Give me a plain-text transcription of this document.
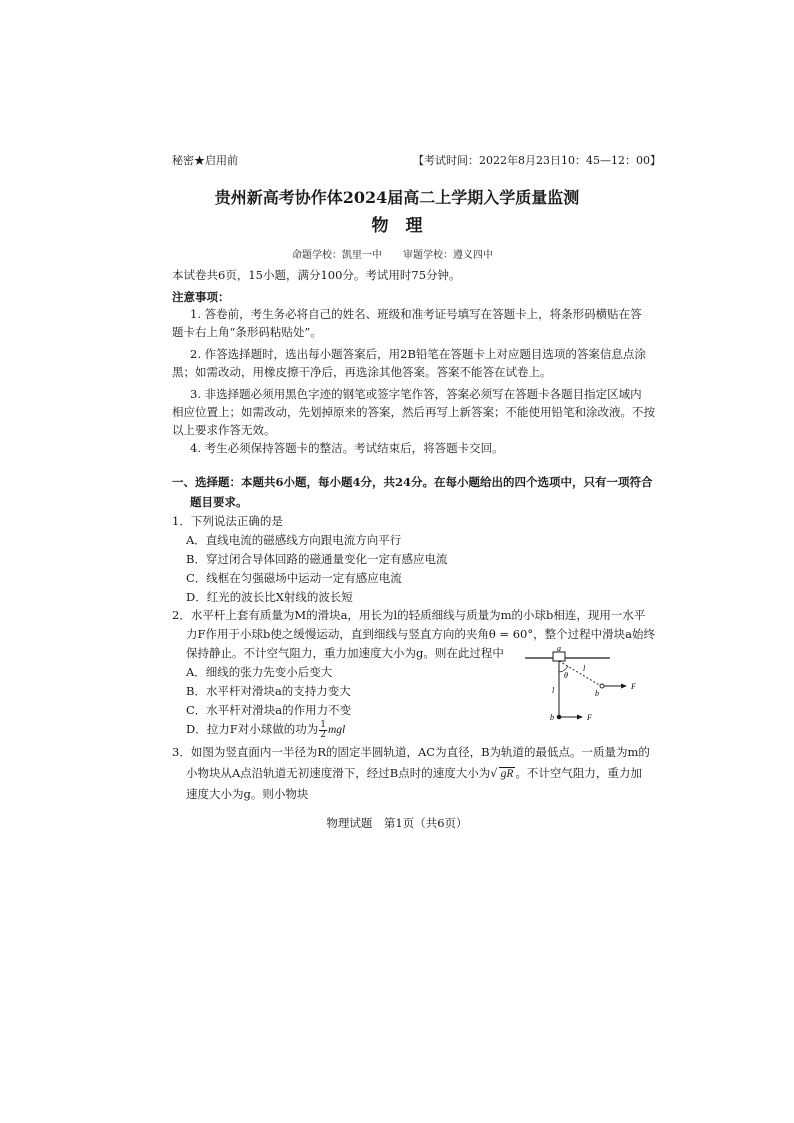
秘密★启用前	【考试时间：2022年8月23日10：45—12：00】
贵州新高考协作体2024届高二上学期入学质量监测
物　理
命题学校：凯里一中 审题学校：遵义四中
本试卷共6页，15小题，满分100分。考试用时75分钟。
注意事项：
1. 答卷前，考生务必将自己的姓名、班级和准考证号填写在答题卡上，将条形码横贴在答
题卡右上角“条形码粘贴处”。
2. 作答选择题时，选出每小题答案后，用2B铅笔在答题卡上对应题目选项的答案信息点涂
黑；如需改动，用橡皮擦干净后，再选涂其他答案。答案不能答在试卷上。
3. 非选择题必须用黑色字迹的钢笔或签字笔作答，答案必须写在答题卡各题目指定区域内
相应位置上；如需改动，先划掉原来的答案，然后再写上新答案；不能使用铅笔和涂改液。不按
以上要求作答无效。
4. 考生必须保持答题卡的整洁。考试结束后，将答题卡交回。
一、选择题：本题共6小题，每小题4分，共24分。在每小题给出的四个选项中，只有一项符合
题目要求。
1．下列说法正确的是
A．直线电流的磁感线方向跟电流方向平行
B．穿过闭合导体回路的磁通量变化一定有感应电流
C．线框在匀强磁场中运动一定有感应电流
D．红光的波长比X射线的波长短
2．水平杆上套有质量为M的滑块a，用长为l的轻质细线与质量为m的小球b相连，现用一水平
力F作用于小球b使之缓慢运动，直到细线与竖直方向的夹角θ = 60°，整个过程中滑块a始终
保持静止。不计空气阻力，重力加速度大小为g。则在此过程中
A．细线的张力先变小后变大
B．水平杆对滑块a的支持力变大
C．水平杆对滑块a的作用力不变
D．拉力F对小球做的功为 $\frac{1}{2}$ mgl
a
θ
l
l	b
F
b	F
3．如图为竖直面内一半径为R的固定半圆轨道，AC为直径，B为轨道的最低点。一质量为m的
小物块从A点沿轨道无初速度滑下，经过B点时的速度大小为√ gR 。不计空气阻力，重力加
速度大小为g。则小物块
物理试题　第1页（共6页）
